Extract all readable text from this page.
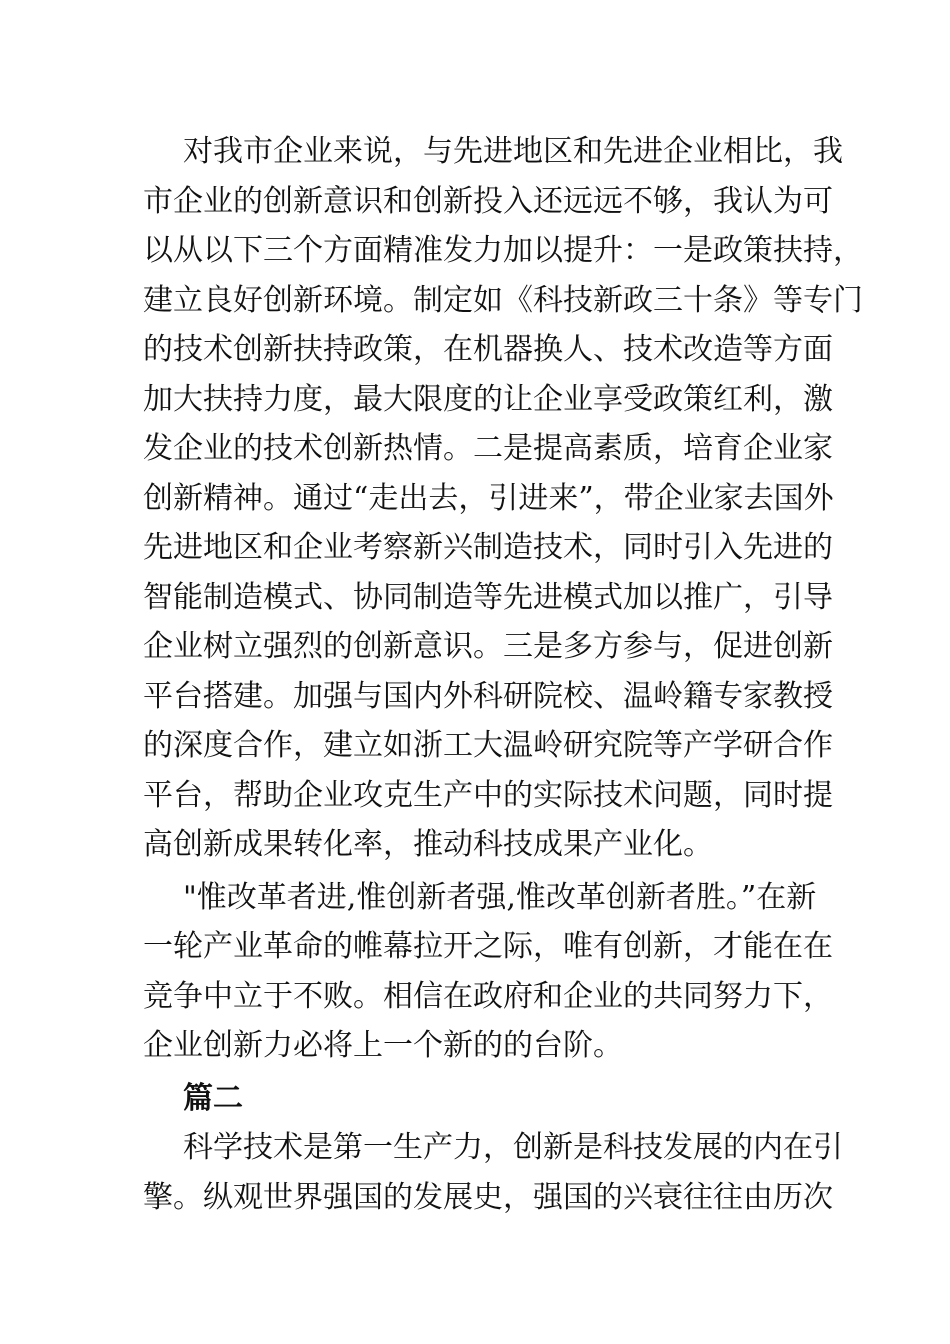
对我市企业来说，与先进地区和先进企业相比，我
市企业的创新意识和创新投入还远远不够，我认为可
以从以下三个方面精准发力加以提升：一是政策扶持，
建立良好创新环境。制定如《科技新政三十条》等专门
的技术创新扶持政策，在机器换人、技术改造等方面
加大扶持力度，最大限度的让企业享受政策红利，激
发企业的技术创新热情。二是提高素质，培育企业家
创新精神。通过“走出去，引进来”，带企业家去国外
先进地区和企业考察新兴制造技术，同时引入先进的
智能制造模式、协同制造等先进模式加以推广，引导
企业树立强烈的创新意识。三是多方参与，促进创新
平台搭建。加强与国内外科研院校、温岭籍专家教授
的深度合作，建立如浙工大温岭研究院等产学研合作
平台，帮助企业攻克生产中的实际技术问题，同时提
高创新成果转化率，推动科技成果产业化。
"惟改革者进,惟创新者强,惟改革创新者胜。”在新
一轮产业革命的帷幕拉开之际，唯有创新，才能在在
竞争中立于不败。相信在政府和企业的共同努力下，
企业创新力必将上一个新的的台阶。
篇二
科学技术是第一生产力，创新是科技发展的内在引
擎。纵观世界强国的发展史，强国的兴衰往往由历次
